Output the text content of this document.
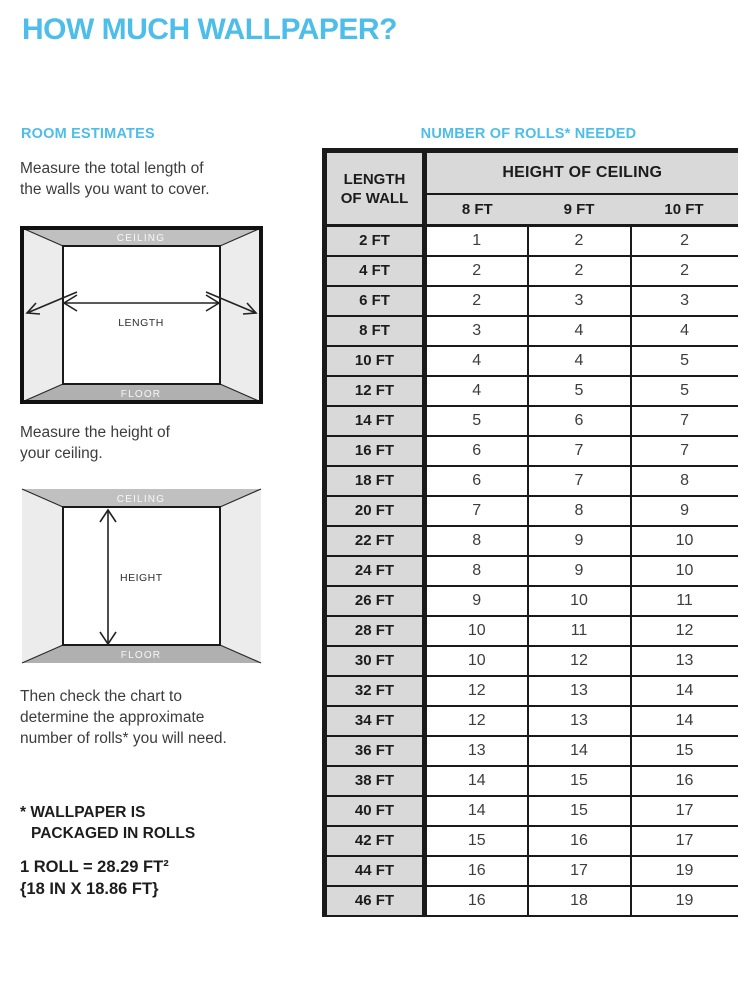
HOW MUCH WALLPAPER?
ROOM ESTIMATES	NUMBER OF ROLLS* NEEDED

Measure the total length of
the walls you want to cover.
CEILING
FLOOR
LENGTH
Measure the height of
your ceiling.
CEILING
FLOOR
HEIGHT
Then check the chart to
determine the approximate
number of rolls* you will need.
* WALLPAPER IS
PACKAGED IN ROLLS
1 ROLL = 28.29 FT²
{18 IN X 18.86 FT}
LENGTH
OF WALL	HEIGHT OF CEILING		
	8 FT	9 FT	10 FT
2 FT	1	2	2
4 FT	2	2	2
6 FT	2	3	3
8 FT	3	4	4
10 FT	4	4	5
12 FT	4	5	5
14 FT	5	6	7
16 FT	6	7	7
18 FT	6	7	8
20 FT	7	8	9
22 FT	8	9	10
24 FT	8	9	10
26 FT	9	10	11
28 FT	10	11	12
30 FT	10	12	13
32 FT	12	13	14
34 FT	12	13	14
36 FT	13	14	15
38 FT	14	15	16
40 FT	14	15	17
42 FT	15	16	17
44 FT	16	17	19
46 FT	16	18	19
